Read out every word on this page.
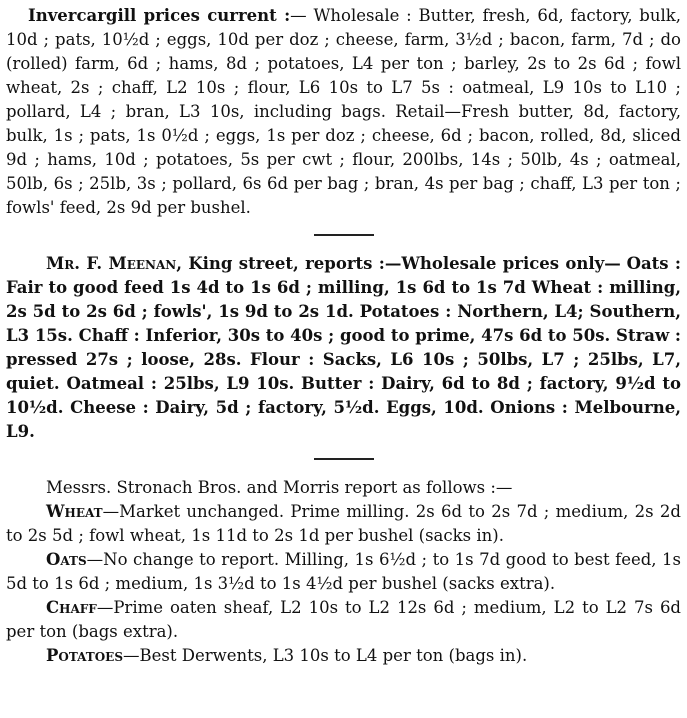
Invercargill prices current :— Wholesale : Butter, fresh, 6d, factory, bulk, 10d ; pats, 10½d ; eggs, 10d per doz ; cheese, farm, 3½d ; bacon, farm, 7d ; do (rolled) farm, 6d ; hams, 8d ; potatoes, L4 per ton ; barley, 2s to 2s 6d ; fowl wheat, 2s ; chaff, L2 10s ; flour, L6 10s to L7 5s : oatmeal, L9 10s to L10 ; pollard, L4 ; bran, L3 10s, including bags. Retail—Fresh butter, 8d, factory, bulk, 1s ; pats, 1s 0½d ; eggs, 1s per doz ; cheese, 6d ; bacon, rolled, 8d, sliced 9d ; hams, 10d ; potatoes, 5s per cwt ; flour, 200lbs, 14s ; 50lb, 4s ; oatmeal, 50lb, 6s ; 25lb, 3s ; pollard, 6s 6d per bag ; bran, 4s per bag ; chaff, L3 per ton ; fowls' feed, 2s 9d per bushel.

Mr. F. Meenan, King street, reports :—Wholesale prices only— Oats : Fair to good feed 1s 4d to 1s 6d ; milling, 1s 6d to 1s 7d Wheat : milling, 2s 5d to 2s 6d ; fowls', 1s 9d to 2s 1d. Potatoes : Northern, L4; Southern, L3 15s. Chaff : Inferior, 30s to 40s ; good to prime, 47s 6d to 50s. Straw : pressed 27s ; loose, 28s. Flour : Sacks, L6 10s ; 50lbs, L7 ; 25lbs, L7, quiet. Oatmeal : 25lbs, L9 10s. Butter : Dairy, 6d to 8d ; factory, 9½d to 10½d. Cheese : Dairy, 5d ; factory, 5½d. Eggs, 10d. Onions : Melbourne, L9.

Messrs. Stronach Bros. and Morris report as follows :—

Wheat—Market unchanged. Prime milling. 2s 6d to 2s 7d ; medium, 2s 2d to 2s 5d ; fowl wheat, 1s 11d to 2s 1d per bushel (sacks in).

Oats—No change to report. Milling, 1s 6½d ; to 1s 7d good to best feed, 1s 5d to 1s 6d ; medium, 1s 3½d to 1s 4½d per bushel (sacks extra).

Chaff—Prime oaten sheaf, L2 10s to L2 12s 6d ; medium, L2 to L2 7s 6d per ton (bags extra).

Potatoes—Best Derwents, L3 10s to L4 per ton (bags in).
